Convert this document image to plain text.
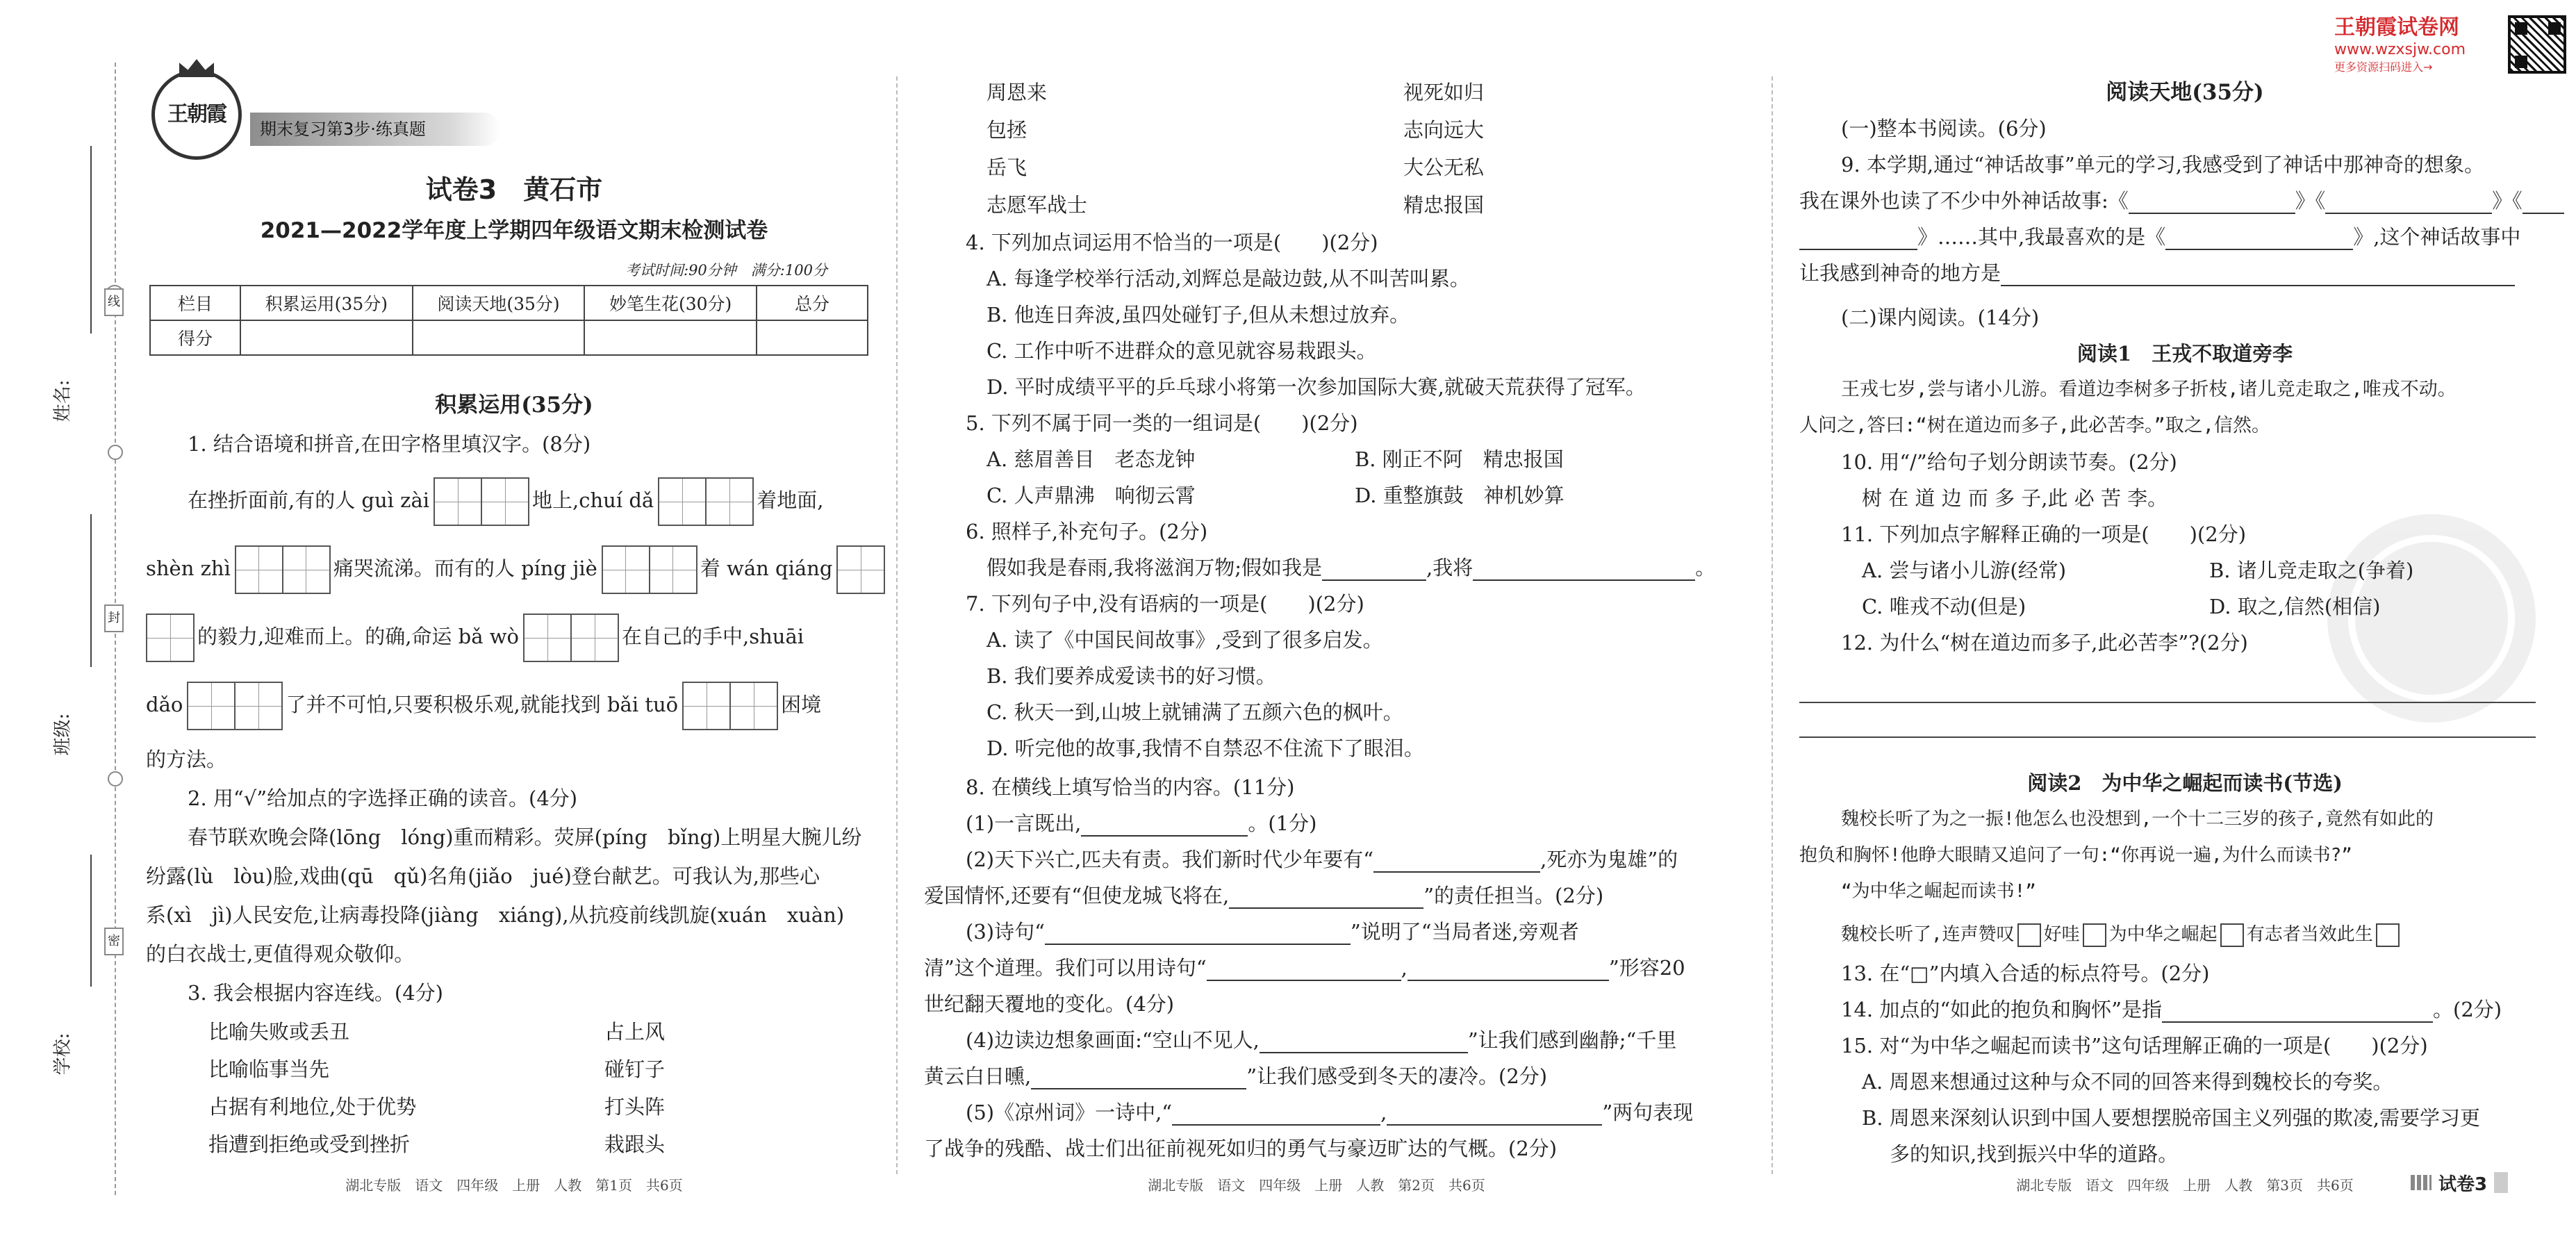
线
封
密
姓名:
班级:
学校:
王朝霞
期末复习第3步·练真题
试卷3　黄石市
2021—2022学年度上学期四年级语文期末检测试卷
考试时间:90分钟　满分:100分
栏目	积累运用(35分)	阅读天地(35分)	妙笔生花(30分)	总分
得分				
积累运用(35分)
1. 结合语境和拼音,在田字格里填汉字。(8分)
在挫折面前,有的人 guì zài	地上,chuí dǎ	着地面,
shèn zhì	痛哭流涕。而有的人 píng jiè	着 wán qiáng
的毅力,迎难而上。的确,命运 bǎ wò	在自己的手中,shuāi
dǎo	了并不可怕,只要积极乐观,就能找到 bǎi tuō	困境
的方法。
2. 用“√”给加点的字选择正确的读音。(4分)
春节联欢晚会降(lōng　lóng)重而精彩。荧屏(píng　bǐng)上明星大腕儿纷
纷露(lù　lòu)脸,戏曲(qū　qǔ)名角(jiǎo　jué)登台献艺。可我认为,那些心
系(xì　jì)人民安危,让病毒投降(jiàng　xiáng),从抗疫前线凯旋(xuán　xuàn)
的白衣战士,更值得观众敬仰。
3. 我会根据内容连线。(4分)
比喻失败或丢丑	占上风
比喻临事当先	碰钉子
占据有利地位,处于优势	打头阵
指遭到拒绝或受到挫折	栽跟头
湖北专版　语文　四年级　上册　人教　第1页　共6页
周恩来	视死如归
包拯	志向远大
岳飞	大公无私
志愿军战士	精忠报国
4. 下列加点词运用不恰当的一项是(　　)(2分)
A. 每逢学校举行活动,刘辉总是敲边鼓,从不叫苦叫累。
B. 他连日奔波,虽四处碰钉子,但从未想过放弃。
C. 工作中听不进群众的意见就容易栽跟头。
D. 平时成绩平平的乒乓球小将第一次参加国际大赛,就破天荒获得了冠军。
5. 下列不属于同一类的一组词是(　　)(2分)
A. 慈眉善目　老态龙钟	B. 刚正不阿　精忠报国
C. 人声鼎沸　响彻云霄	D. 重整旗鼓　神机妙算
6. 照样子,补充句子。(2分)
假如我是春雨,我将滋润万物;假如我是	,我将	。
7. 下列句子中,没有语病的一项是(　　)(2分)
A. 读了《中国民间故事》,受到了很多启发。
B. 我们要养成爱读书的好习惯。
C. 秋天一到,山坡上就铺满了五颜六色的枫叶。
D. 听完他的故事,我情不自禁忍不住流下了眼泪。
8. 在横线上填写恰当的内容。(11分)
(1)一言既出,	。(1分)
(2)天下兴亡,匹夫有责。我们新时代少年要有“	,死亦为鬼雄”的
爱国情怀,还要有“但使龙城飞将在,	”的责任担当。(2分)
(3)诗句“	”说明了“当局者迷,旁观者
清”这个道理。我们可以用诗句“	,	”形容20
世纪翻天覆地的变化。(4分)
(4)边读边想象画面:“空山不见人,	”让我们感到幽静;“千里
黄云白日曛,	”让我们感受到冬天的凄冷。(2分)
(5)《凉州词》一诗中,“	,	”两句表现
了战争的残酷、战士们出征前视死如归的勇气与豪迈旷达的气概。(2分)
湖北专版　语文　四年级　上册　人教　第2页　共6页
王朝霞试卷网
www.wzxsjw.com
更多资源扫码进入→
阅读天地(35分)
(一)整本书阅读。(6分)
9. 本学期,通过“神话故事”单元的学习,我感受到了神话中那神奇的想象。
我在课外也读了不少中外神话故事:《	》《	》《
》……其中,我最喜欢的是《	》,这个神话故事中
让我感到神奇的地方是
(二)课内阅读。(14分)
阅读1　王戎不取道旁李
王戎七岁,尝与诸小儿游。看道边李树多子折枝,诸儿竞走取之,唯戎不动。
人问之,答曰:“树在道边而多子,此必苦李。”取之,信然。
10. 用“/”给句子划分朗读节奏。(2分)
树 在 道 边 而 多 子,此 必 苦 李。
11. 下列加点字解释正确的一项是(　　)(2分)
A. 尝与诸小儿游(经常)	B. 诸儿竞走取之(争着)
C. 唯戎不动(但是)	D. 取之,信然(相信)
12. 为什么“树在道边而多子,此必苦李”?(2分)
阅读2　为中华之崛起而读书(节选)
魏校长听了为之一振!他怎么也没想到,一个十二三岁的孩子,竟然有如此的
抱负和胸怀!他睁大眼睛又追问了一句:“你再说一遍,为什么而读书?”
“为中华之崛起而读书!”
魏校长听了,连声赞叹 好哇 为中华之崛起 有志者当效此生
13. 在“□”内填入合适的标点符号。(2分)
14. 加点的“如此的抱负和胸怀”是指	。(2分)
15. 对“为中华之崛起而读书”这句话理解正确的一项是(　　)(2分)
A. 周恩来想通过这种与众不同的回答来得到魏校长的夸奖。
B. 周恩来深刻认识到中国人要想摆脱帝国主义列强的欺凌,需要学习更
多的知识,找到振兴中华的道路。
湖北专版　语文　四年级　上册　人教　第3页　共6页	试卷3
